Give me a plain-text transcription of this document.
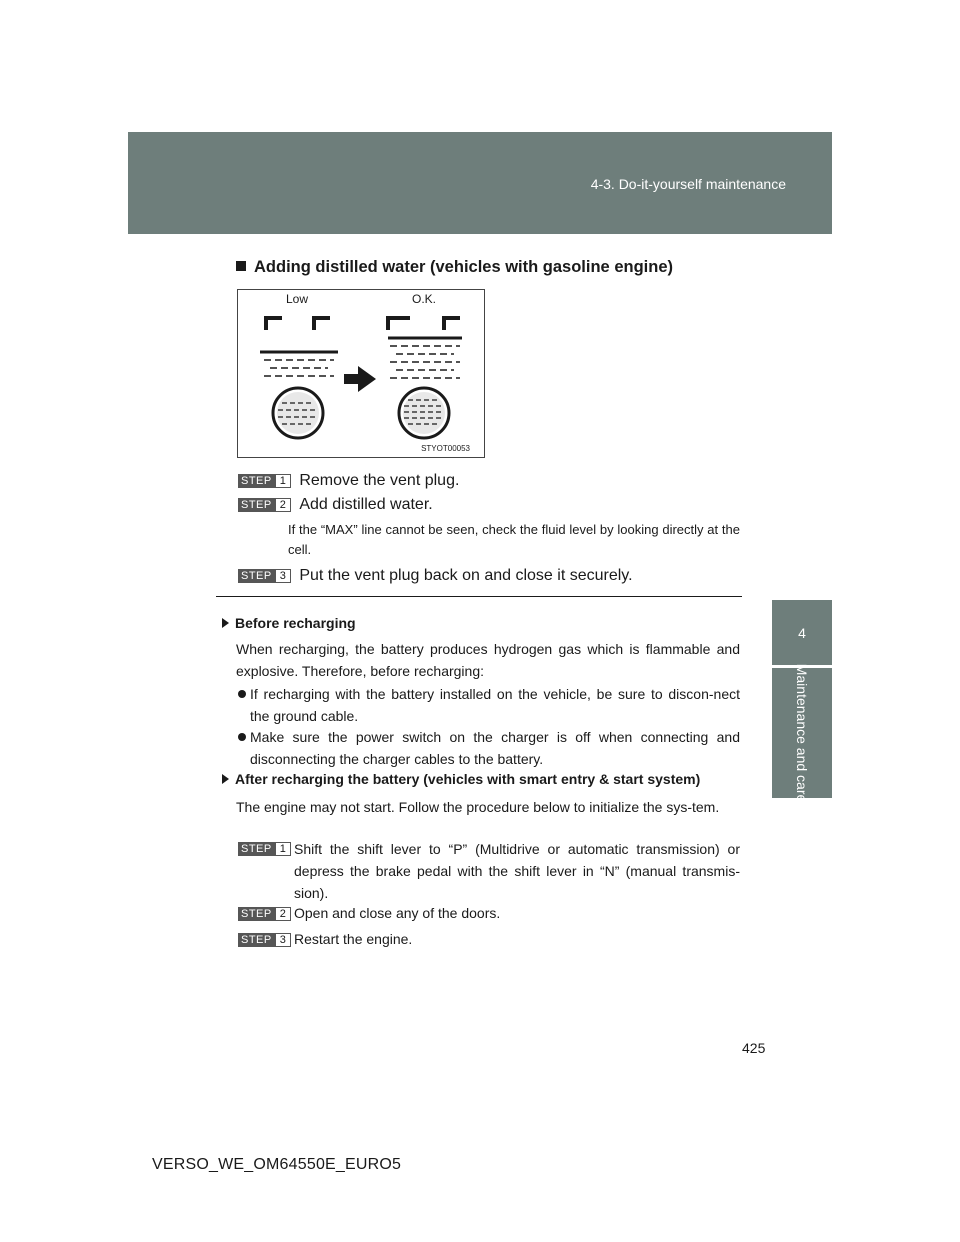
4-3. Do-it-yourself maintenance
4
Maintenance and care
Adding distilled water (vehicles with gasoline engine)
Low	O.K.
STYOT00053
STEP 1 Remove the vent plug.
STEP 2 Add distilled water.
If the “MAX” line cannot be seen, check the fluid level by looking directly at the cell.
STEP 3 Put the vent plug back on and close it securely.
Before recharging
When recharging, the battery produces hydrogen gas which is flammable and explosive. Therefore, before recharging:
If recharging with the battery installed on the vehicle, be sure to discon-nect the ground cable.
Make sure the power switch on the charger is off when connecting and disconnecting the charger cables to the battery.
After recharging the battery (vehicles with smart entry & start system)
The engine may not start. Follow the procedure below to initialize the sys-tem.
STEP 1 Shift the shift lever to “P” (Multidrive or automatic transmission) or depress the brake pedal with the shift lever in “N” (manual transmis-sion).
STEP 2 Open and close any of the doors.
STEP 3 Restart the engine.
425
VERSO_WE_OM64550E_EURO5
